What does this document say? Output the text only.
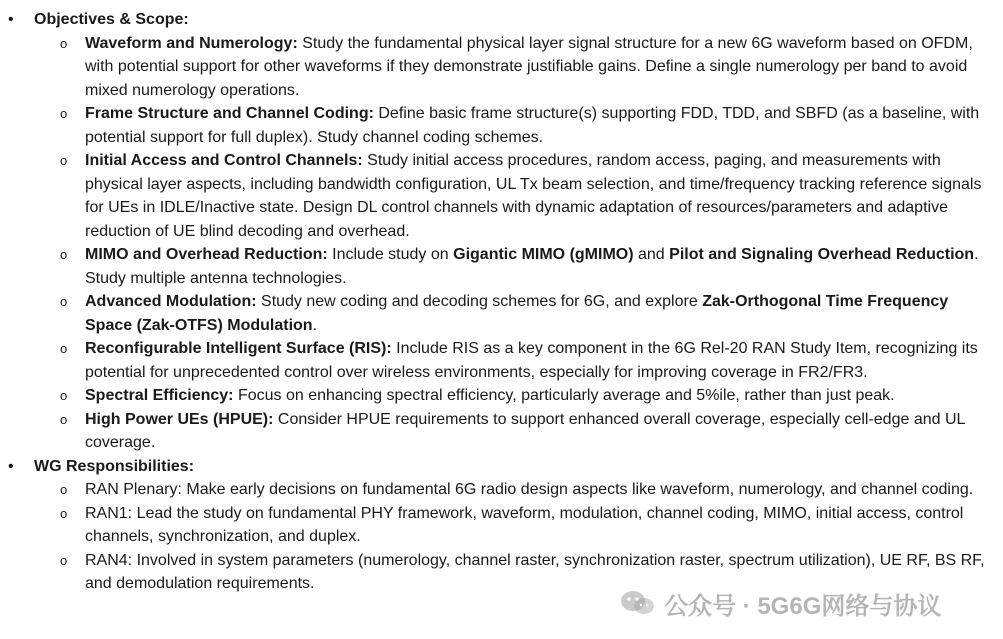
• Objectives & Scope:
o Waveform and Numerology: Study the fundamental physical layer signal structure for a new 6G waveform based on OFDM, with potential support for other waveforms if they demonstrate justifiable gains. Define a single numerology per band to avoid mixed numerology operations.
o Frame Structure and Channel Coding: Define basic frame structure(s) supporting FDD, TDD, and SBFD (as a baseline, with potential support for full duplex). Study channel coding schemes.
o Initial Access and Control Channels: Study initial access procedures, random access, paging, and measurements with physical layer aspects, including bandwidth configuration, UL Tx beam selection, and time/frequency tracking reference signals for UEs in IDLE/Inactive state. Design DL control channels with dynamic adaptation of resources/parameters and adaptive reduction of UE blind decoding and overhead.
o MIMO and Overhead Reduction: Include study on Gigantic MIMO (gMIMO) and Pilot and Signaling Overhead Reduction. Study multiple antenna technologies.
o Advanced Modulation: Study new coding and decoding schemes for 6G, and explore Zak-Orthogonal Time Frequency Space (Zak-OTFS) Modulation.
o Reconfigurable Intelligent Surface (RIS): Include RIS as a key component in the 6G Rel-20 RAN Study Item, recognizing its potential for unprecedented control over wireless environments, especially for improving coverage in FR2/FR3.
o Spectral Efficiency: Focus on enhancing spectral efficiency, particularly average and 5%ile, rather than just peak.
o High Power UEs (HPUE): Consider HPUE requirements to support enhanced overall coverage, especially cell-edge and UL coverage.
• WG Responsibilities:
o RAN Plenary: Make early decisions on fundamental 6G radio design aspects like waveform, numerology, and channel coding.
o RAN1: Lead the study on fundamental PHY framework, waveform, modulation, channel coding, MIMO, initial access, control channels, synchronization, and duplex.
o RAN4: Involved in system parameters (numerology, channel raster, synchronization raster, spectrum utilization), UE RF, BS RF, and demodulation requirements.
公众号 · 5G6G网络与协议
